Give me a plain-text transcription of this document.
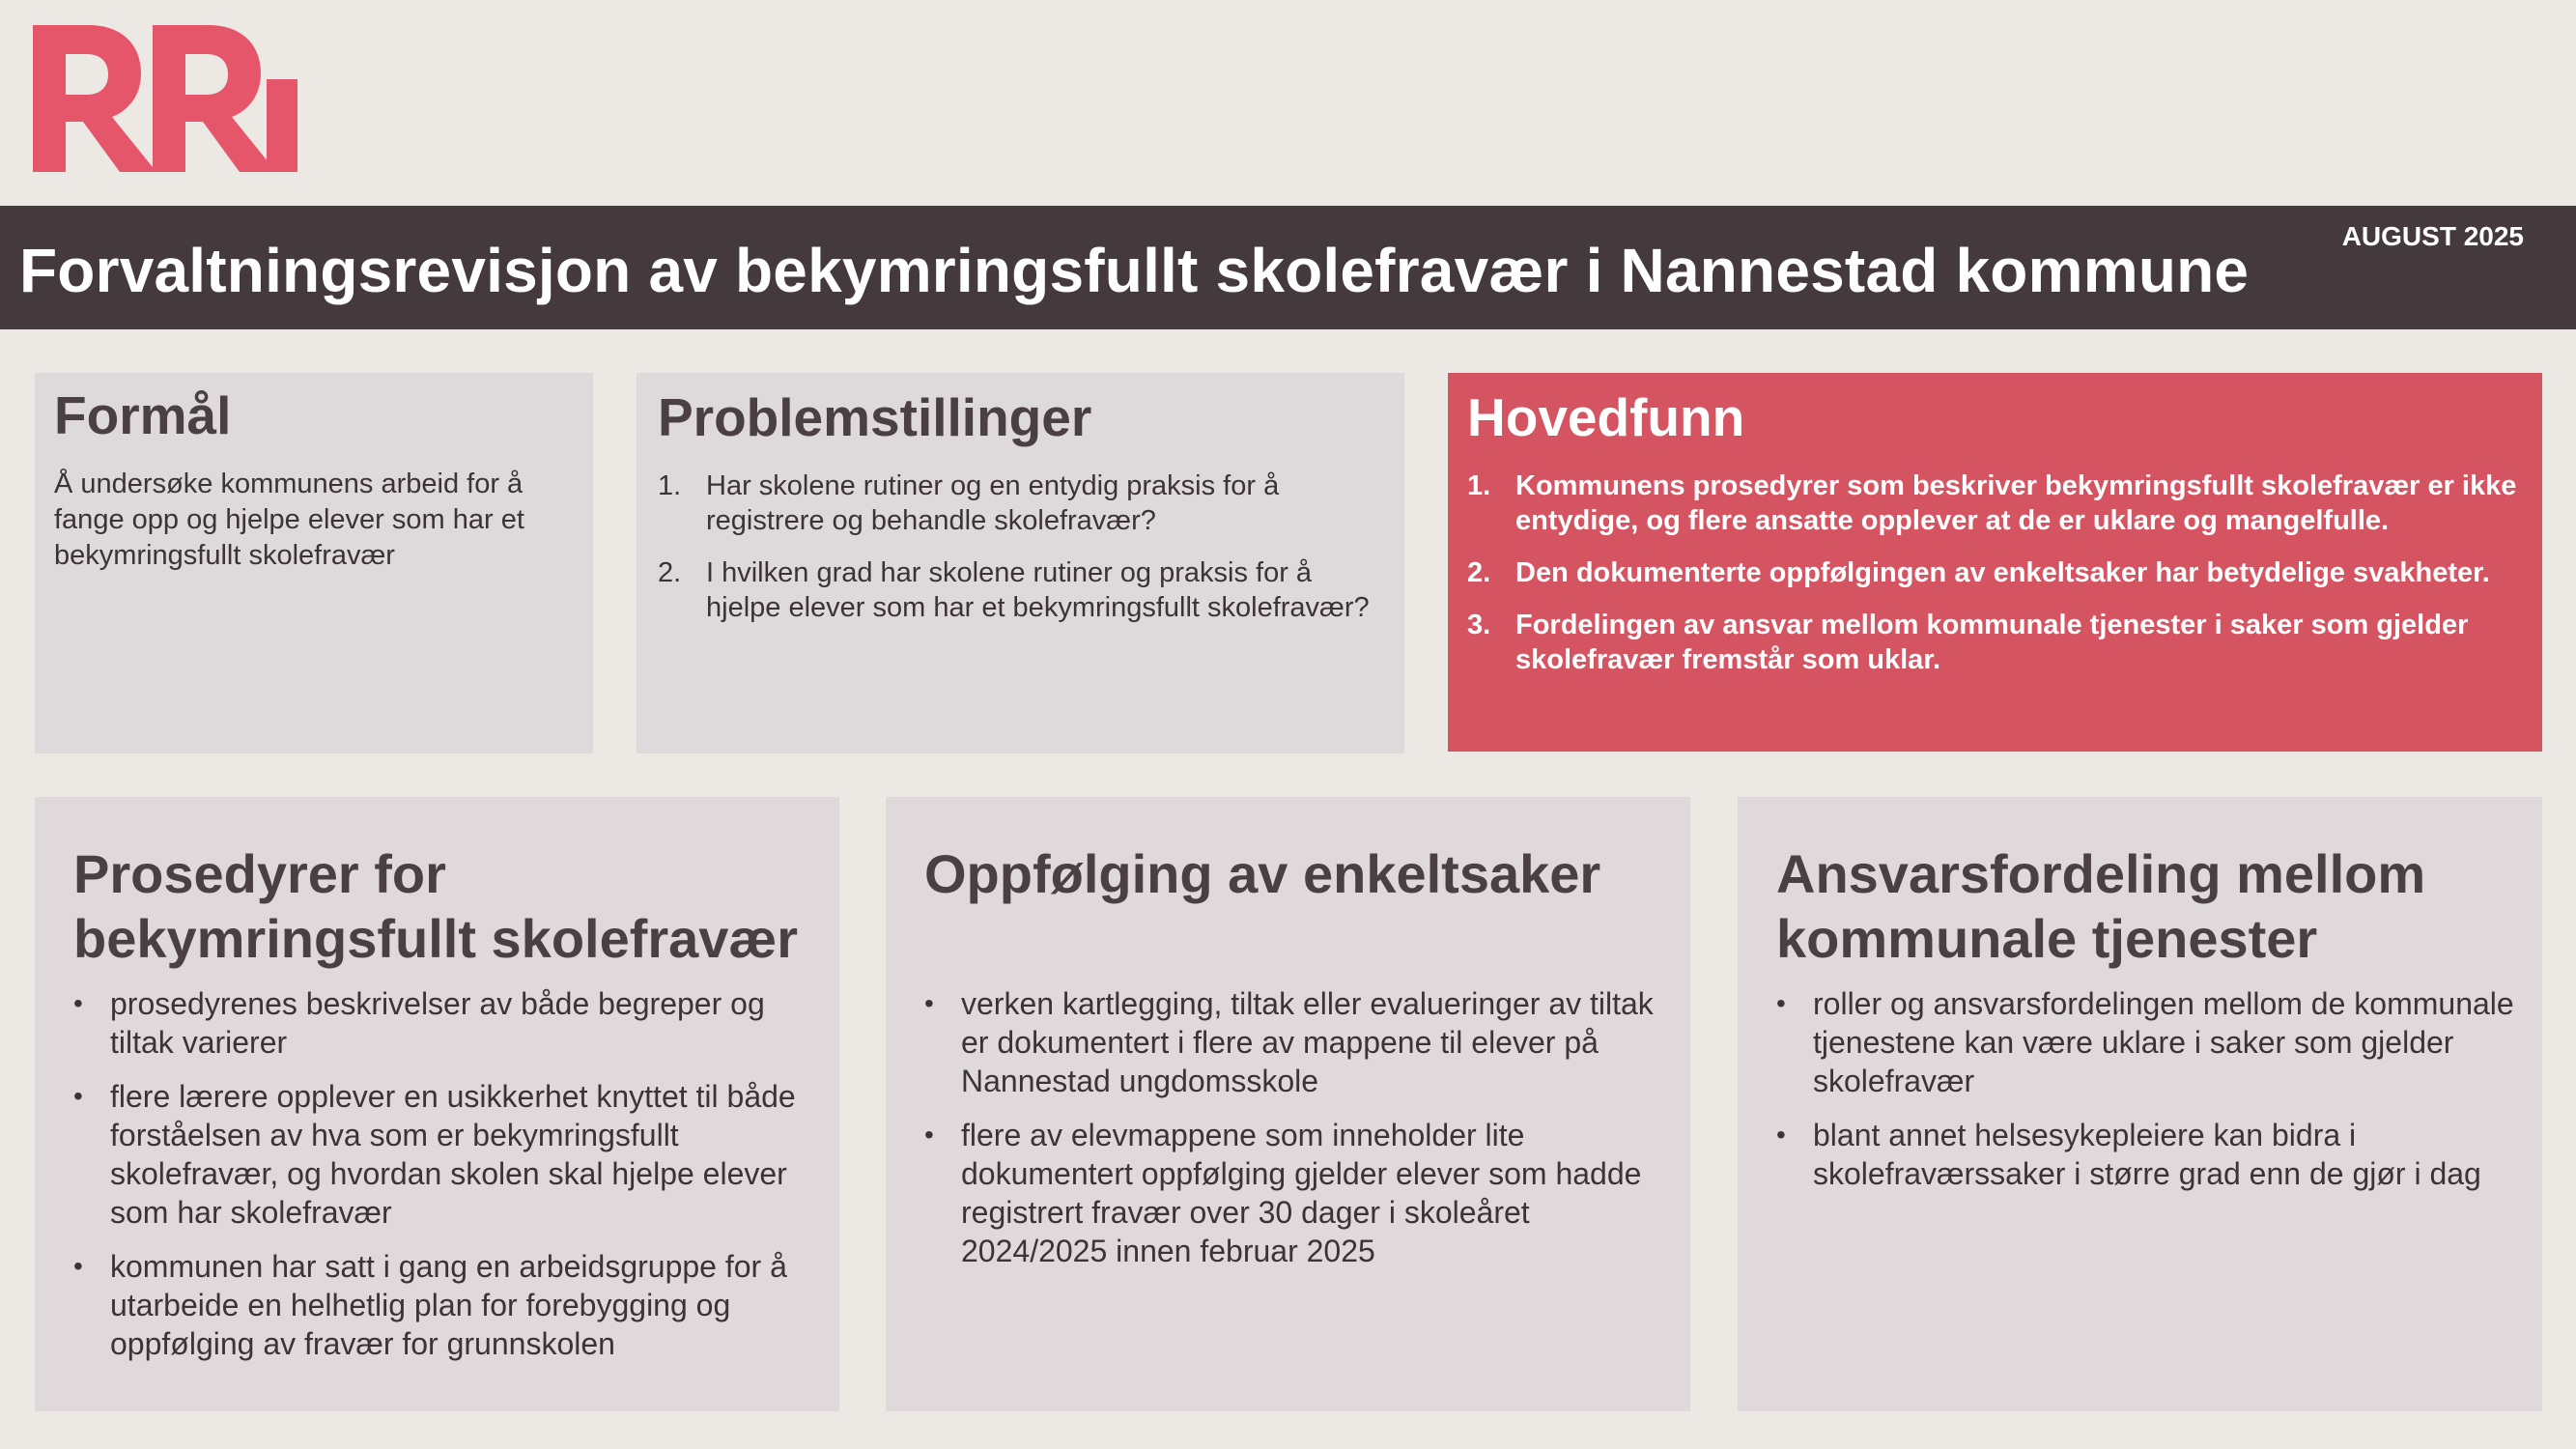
Forvaltningsrevisjon av bekymringsfullt skolefravær i Nannestad kommune	AUGUST 2025
Formål
Å undersøke kommunens arbeid for å fange opp og hjelpe elever som har et bekymringsfullt skolefravær
Problemstillinger
1. Har skolene rutiner og en entydig praksis for å registrere og behandle skolefravær?
2. I hvilken grad har skolene rutiner og praksis for å hjelpe elever som har et bekymringsfullt skolefravær?
Hovedfunn
1. Kommunens prosedyrer som beskriver bekymringsfullt skolefravær er ikke entydige, og flere ansatte opplever at de er uklare og mangelfulle.
2. Den dokumenterte oppfølgingen av enkeltsaker har betydelige svakheter.
3. Fordelingen av ansvar mellom kommunale tjenester i saker som gjelder skolefravær fremstår som uklar.
Prosedyrer for bekymringsfullt skolefravær
• prosedyrenes beskrivelser av både begreper og tiltak varierer
• flere lærere opplever en usikkerhet knyttet til både forståelsen av hva som er bekymringsfullt skolefravær, og hvordan skolen skal hjelpe elever som har skolefravær
• kommunen har satt i gang en arbeidsgruppe for å utarbeide en helhetlig plan for forebygging og oppfølging av fravær for grunnskolen
Oppfølging av enkeltsaker
• verken kartlegging, tiltak eller evalueringer av tiltak er dokumentert i flere av mappene til elever på Nannestad ungdomsskole
• flere av elevmappene som inneholder lite dokumentert oppfølging gjelder elever som hadde registrert fravær over 30 dager i skoleåret 2024/2025 innen februar 2025
Ansvarsfordeling mellom kommunale tjenester
• roller og ansvarsfordelingen mellom de kommunale tjenestene kan være uklare i saker som gjelder skolefravær
• blant annet helsesykepleiere kan bidra i skolefraværssaker i større grad enn de gjør i dag
